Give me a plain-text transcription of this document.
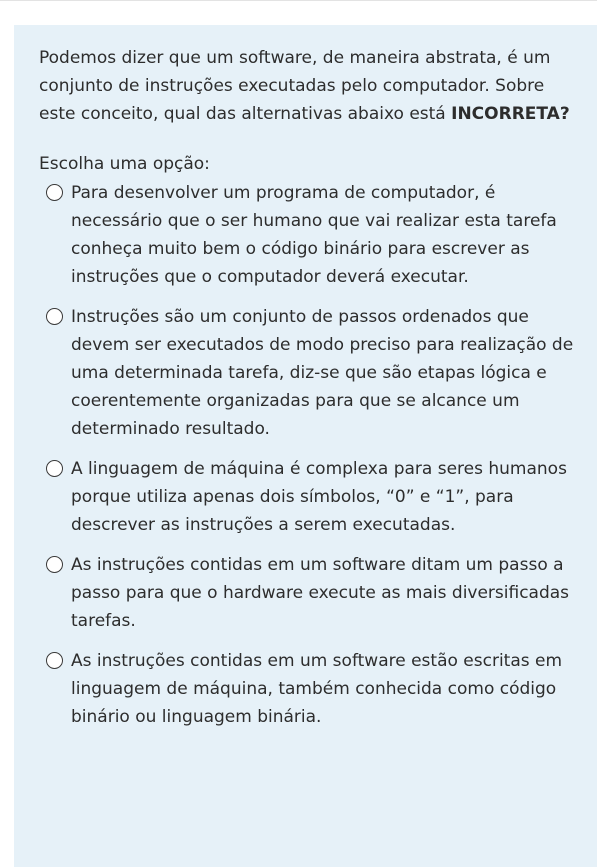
Podemos dizer que um software, de maneira abstrata, é um conjunto de instruções executadas pelo computador. Sobre este conceito, qual das alternativas abaixo está INCORRETA?

Escolha uma opção:

Para desenvolver um programa de computador, é necessário que o ser humano que vai realizar esta tarefa conheça muito bem o código binário para escrever as instruções que o computador deverá executar.
Instruções são um conjunto de passos ordenados que devem ser executados de modo preciso para realização de uma determinada tarefa, diz-se que são etapas lógica e coerentemente organizadas para que se alcance um determinado resultado.
A linguagem de máquina é complexa para seres humanos porque utiliza apenas dois símbolos, “0” e “1”, para descrever as instruções a serem executadas.
As instruções contidas em um software ditam um passo a passo para que o hardware execute as mais diversificadas tarefas.
As instruções contidas em um software estão escritas em linguagem de máquina, também conhecida como código binário ou linguagem binária.
